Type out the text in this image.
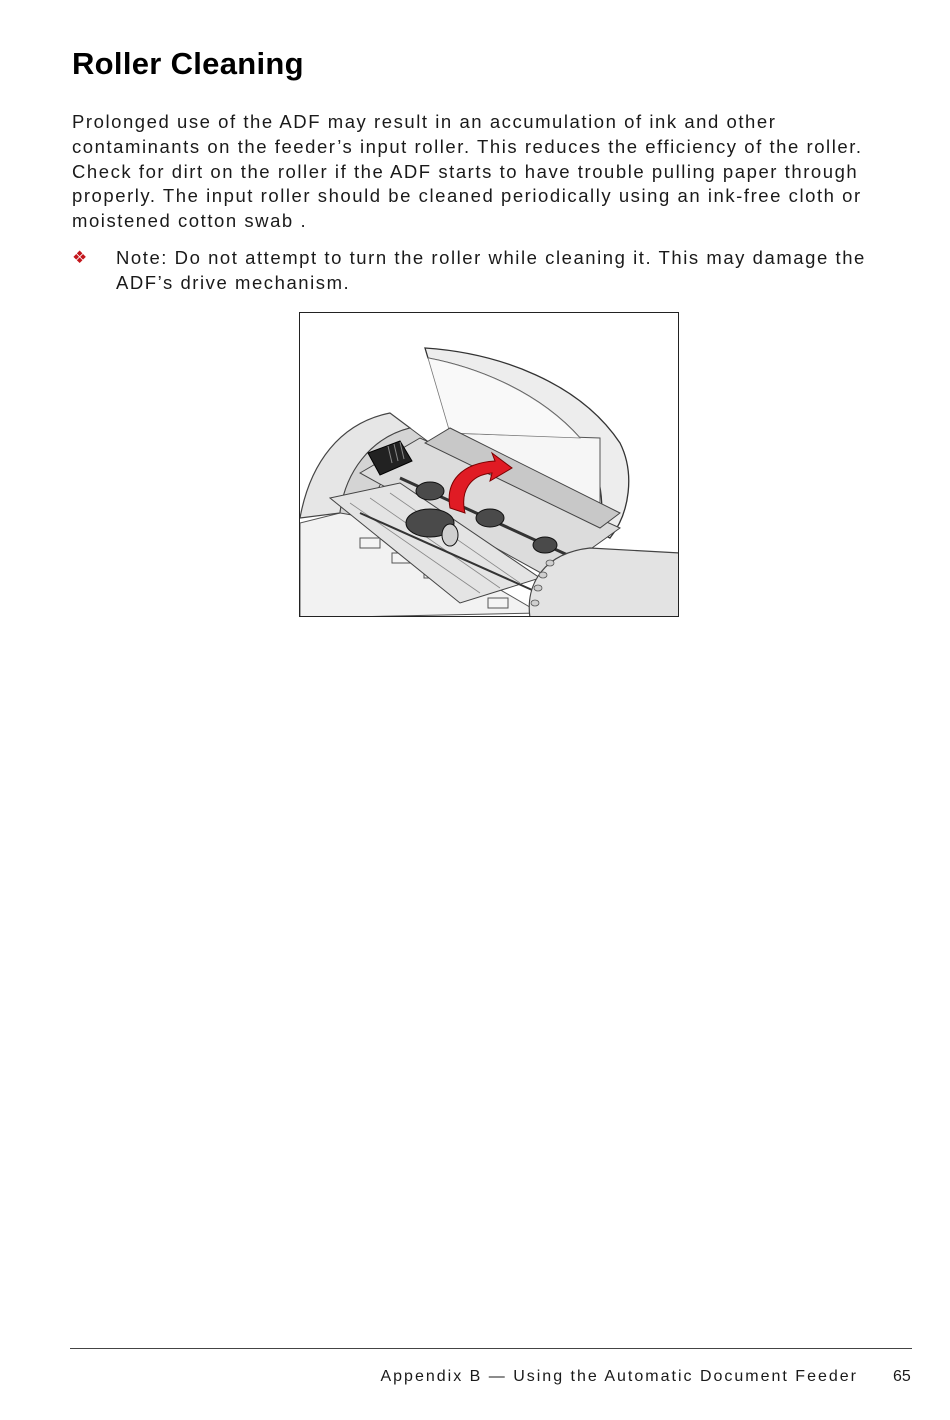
Roller Cleaning

Prolonged use of the ADF may result in an accumulation of ink and other contaminants on the feeder’s input roller. This reduces the efficiency of the roller. Check for dirt on the roller if the ADF starts to have trouble pulling paper through properly. The input roller should be cleaned periodically using an ink-free cloth or moistened cotton swab .

❖ Note: Do not attempt to turn the roller while cleaning it. This may damage the ADF’s drive mechanism.

Appendix B — Using the Automatic Document Feeder 65
